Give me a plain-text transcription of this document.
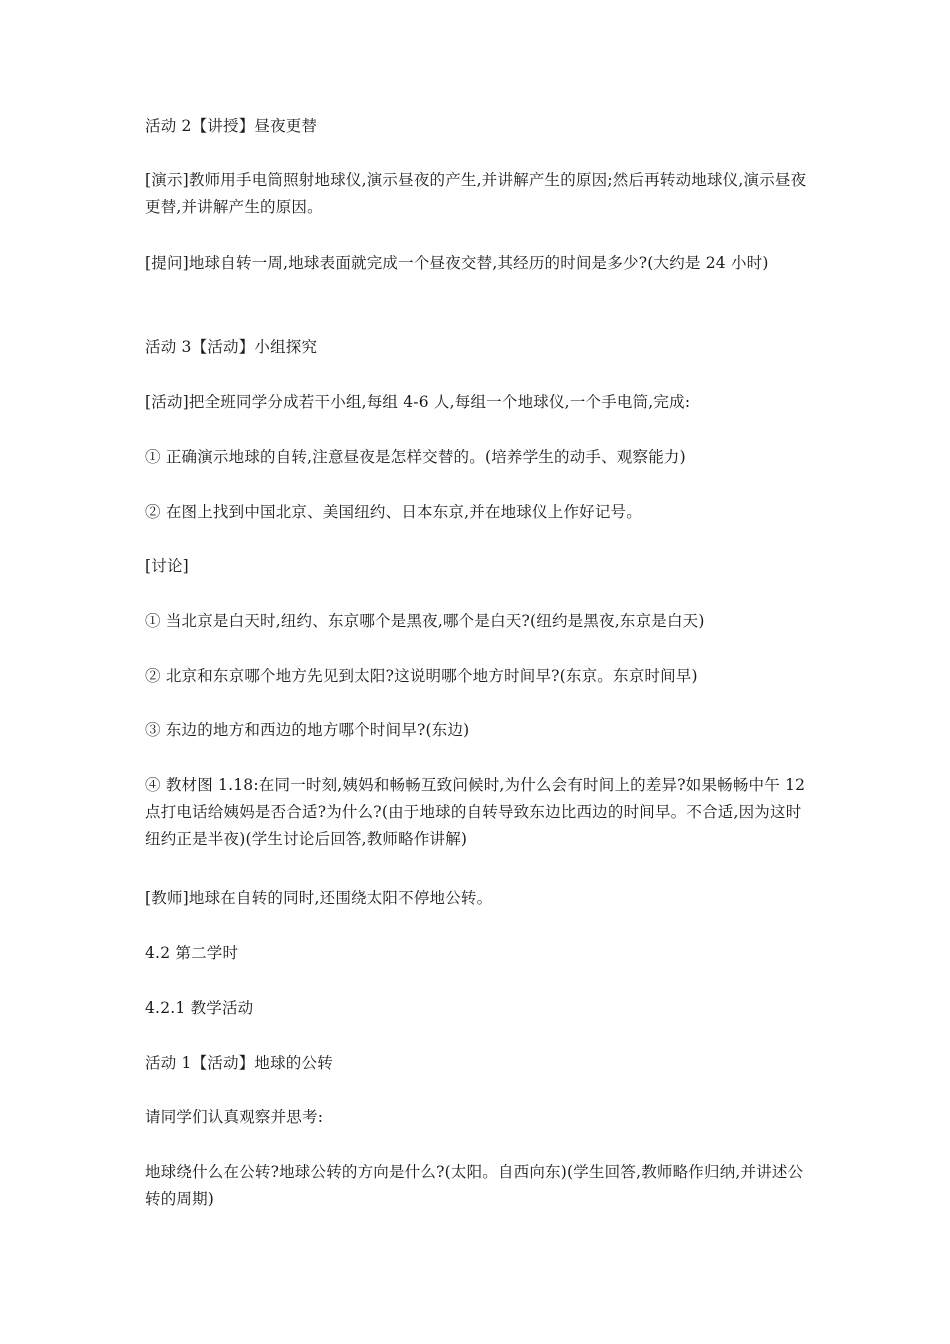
活动 2【讲授】昼夜更替

[演示]教师用手电筒照射地球仪,演示昼夜的产生,并讲解产生的原因;然后再转动地球仪,演示昼夜更替,并讲解产生的原因。

[提问]地球自转一周,地球表面就完成一个昼夜交替,其经历的时间是多少?(大约是 24 小时)

活动 3【活动】小组探究

[活动]把全班同学分成若干小组,每组 4-6 人,每组一个地球仪,一个手电筒,完成:

① 正确演示地球的自转,注意昼夜是怎样交替的。(培养学生的动手、观察能力)

② 在图上找到中国北京、美国纽约、日本东京,并在地球仪上作好记号。

[讨论]

① 当北京是白天时,纽约、东京哪个是黑夜,哪个是白天?(纽约是黑夜,东京是白天)

② 北京和东京哪个地方先见到太阳?这说明哪个地方时间早?(东京。东京时间早)

③ 东边的地方和西边的地方哪个时间早?(东边)

④ 教材图 1.18:在同一时刻,姨妈和畅畅互致问候时,为什么会有时间上的差异?如果畅畅中午 12 点打电话给姨妈是否合适?为什么?(由于地球的自转导致东边比西边的时间早。不合适,因为这时纽约正是半夜)(学生讨论后回答,教师略作讲解)

[教师]地球在自转的同时,还围绕太阳不停地公转。

4.2 第二学时

4.2.1 教学活动

活动 1【活动】地球的公转

请同学们认真观察并思考:

地球绕什么在公转?地球公转的方向是什么?(太阳。自西向东)(学生回答,教师略作归纳,并讲述公转的周期)
